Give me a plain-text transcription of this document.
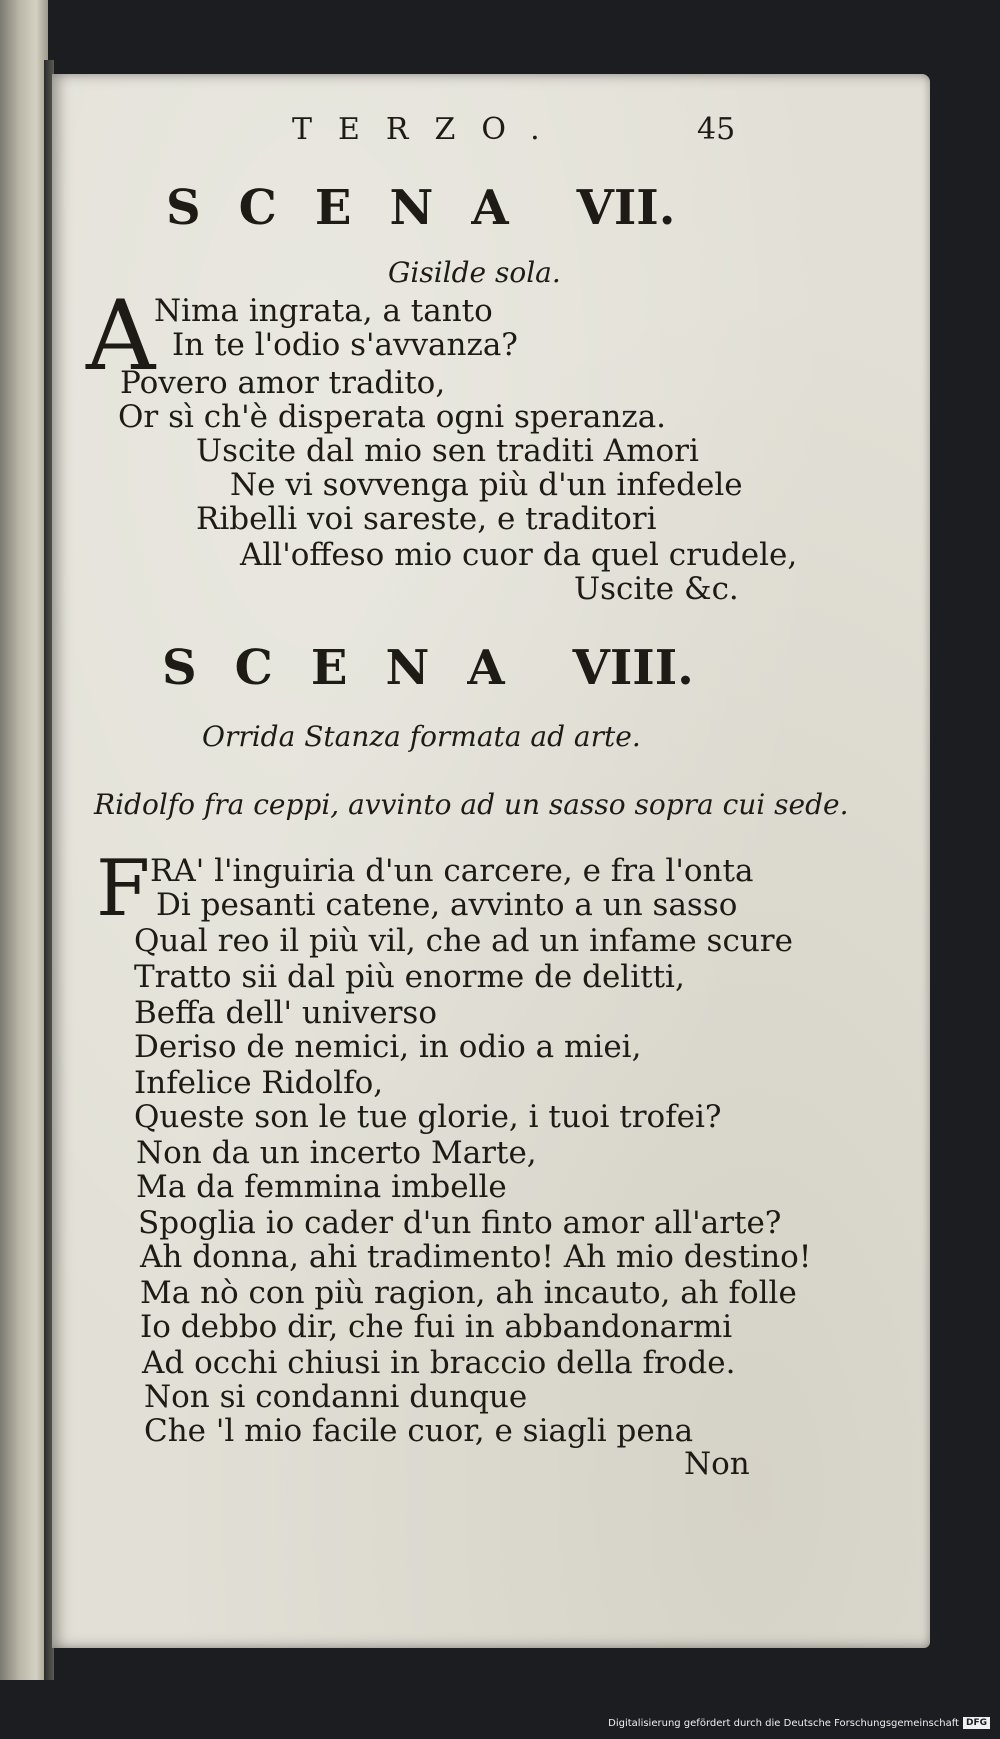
TERZO.	45
SCENA VII.
Gisilde sola.
A
Nima ingrata, a tanto
In te l'odio s'avvanza?
Povero amor tradito,
Or sì ch'è disperata ogni speranza.
Uscite dal mio sen traditi Amori
Ne vi sovvenga più d'un infedele
Ribelli voi sareste, e traditori
All'offeso mio cuor da quel crudele,
Uscite &c.
SCENA VIII.
Orrida Stanza formata ad arte.
Ridolfo fra ceppi, avvinto ad un sasso sopra cui sede.
F RA' l'inguiria d'un carcere, e fra l'onta
Di pesanti catene, avvinto a un sasso
Qual reo il più vil, che ad un infame scure
Tratto sii dal più enorme de delitti,
Beffa dell' universo
Deriso de nemici, in odio a miei,
Infelice Ridolfo,
Queste son le tue glorie, i tuoi trofei?
Non da un incerto Marte,
Ma da femmina imbelle
Spoglia io cader d'un finto amor all'arte?
Ah donna, ahi tradimento! Ah mio destino!
Ma nò con più ragion, ah incauto, ah folle
Io debbo dir, che fui in abbandonarmi
Ad occhi chiusi in braccio della frode.
Non si condanni dunque
Che 'l mio facile cuor, e siagli pena
Non
Digitalisierung gefördert durch die Deutsche Forschungsgemeinschaft DFG
